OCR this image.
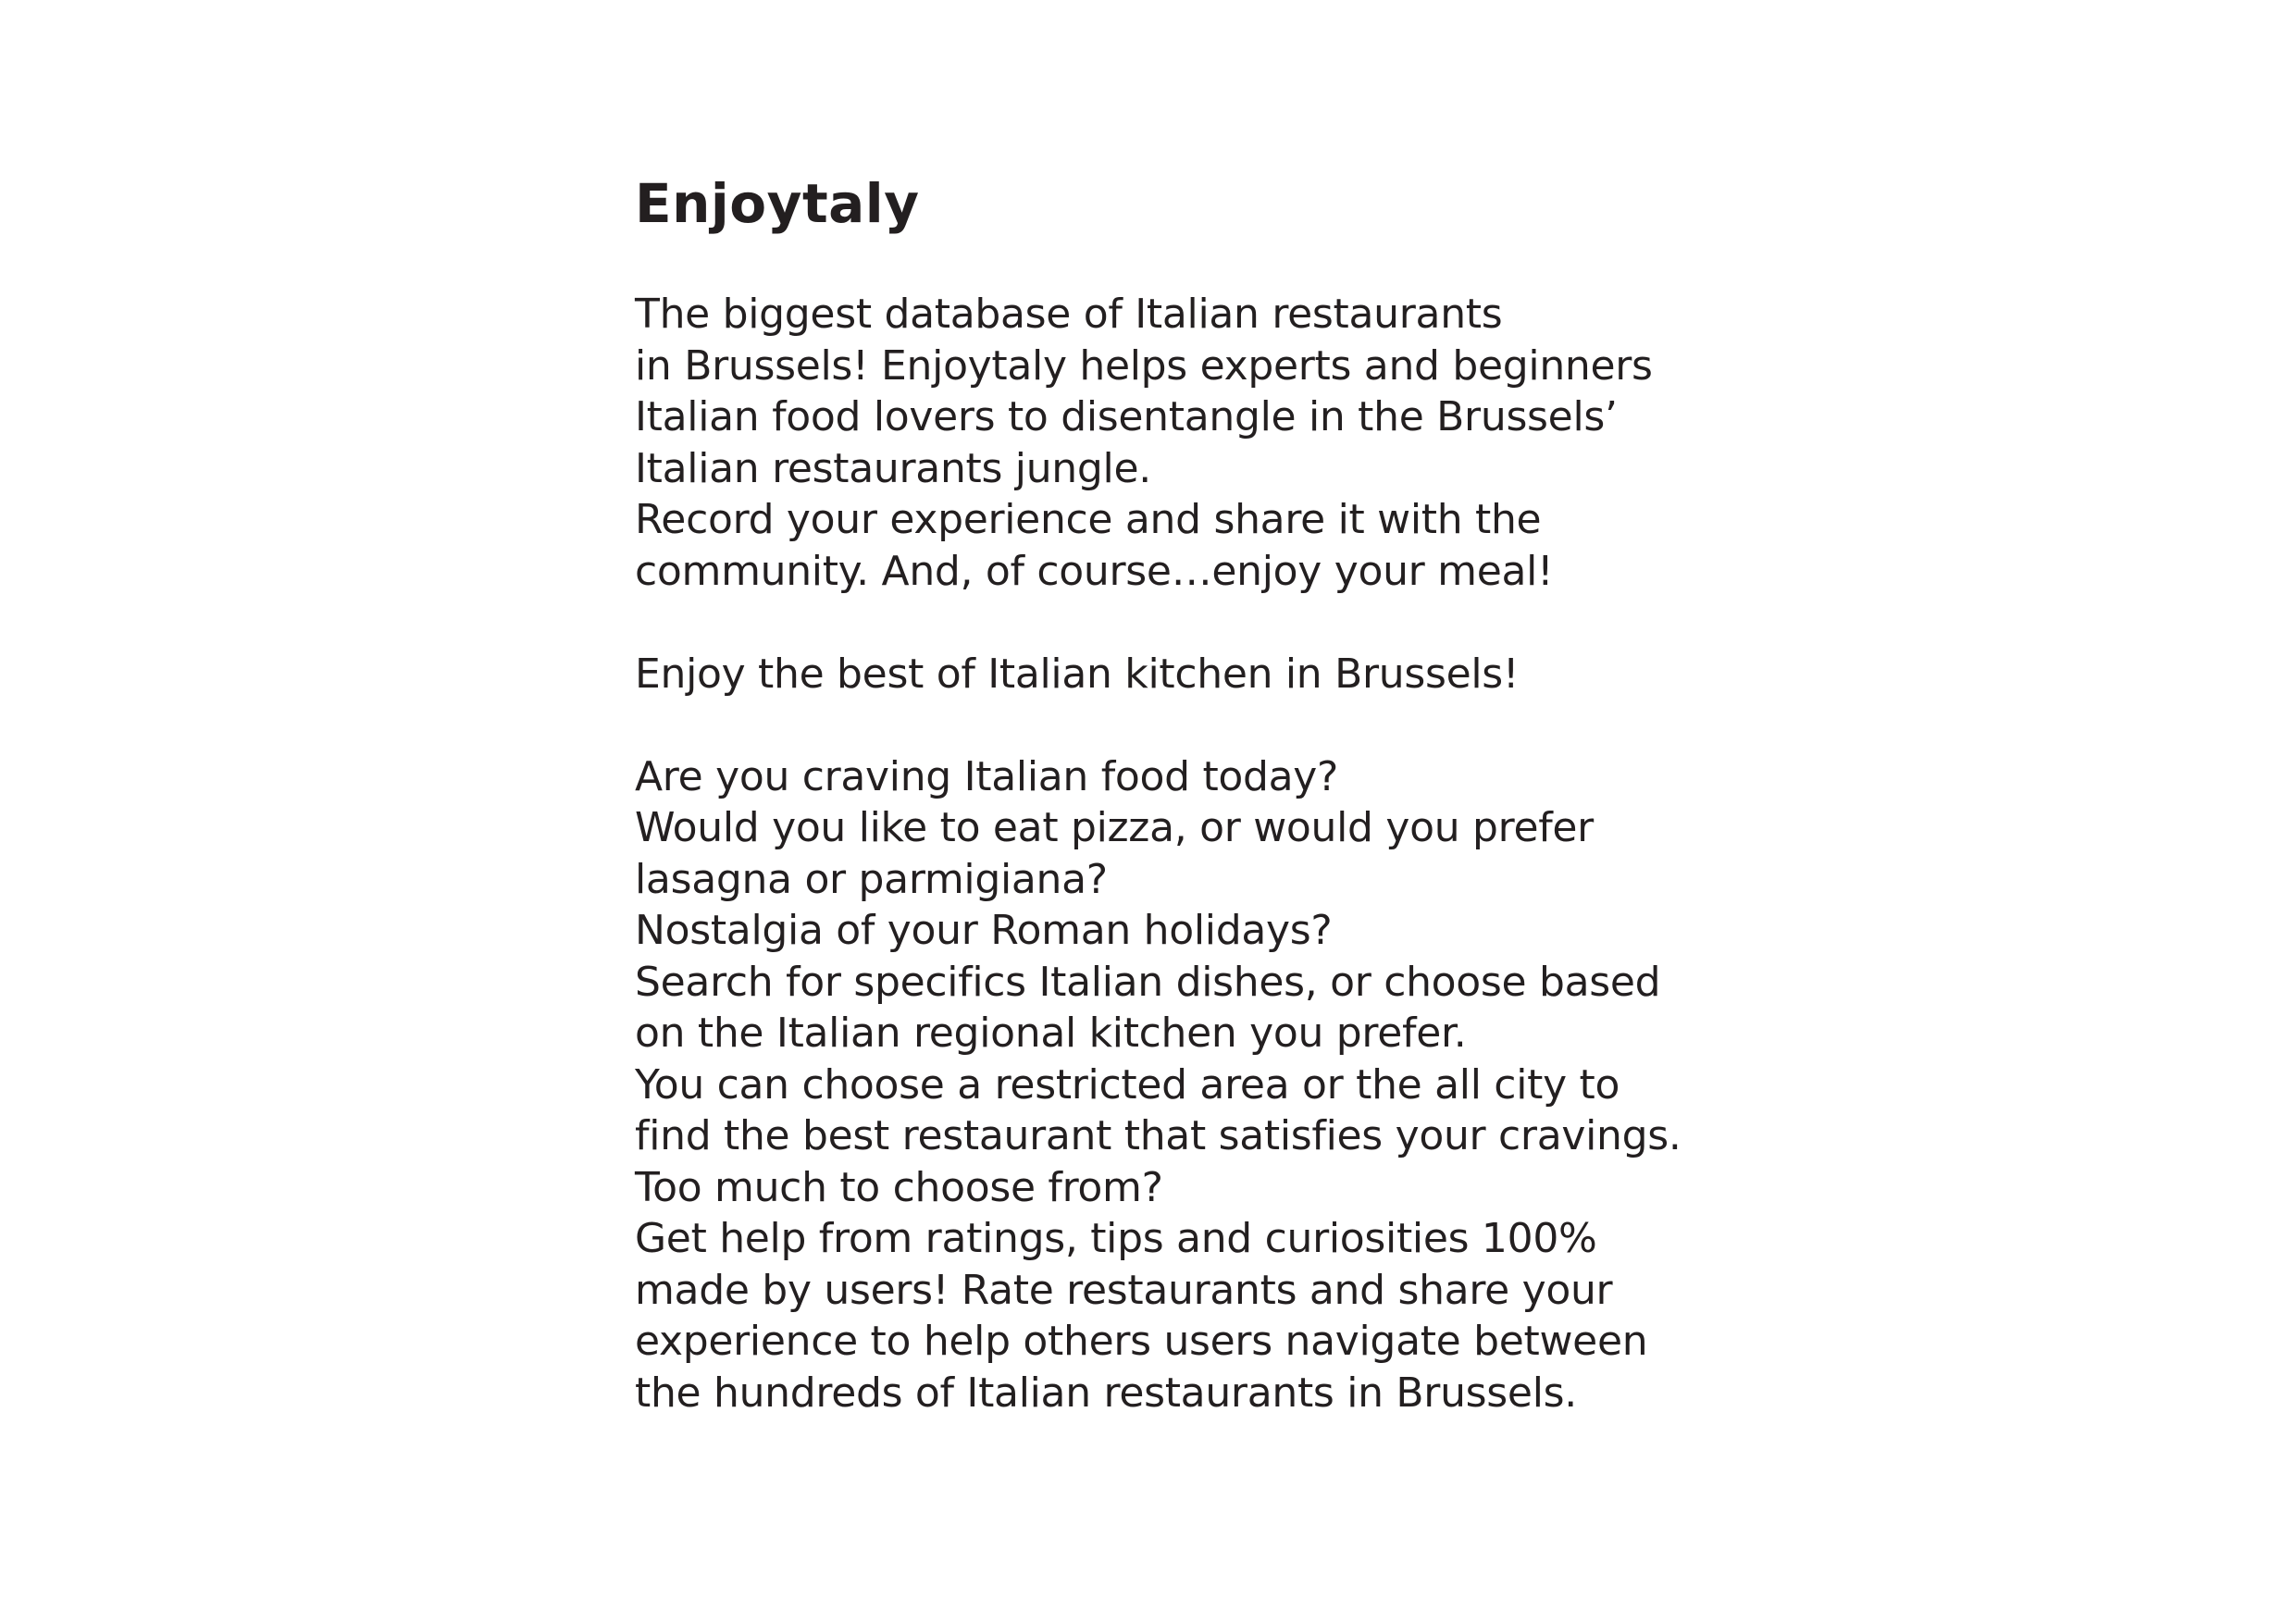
Enjoytaly
The biggest database of Italian restaurants
in Brussels! Enjoytaly helps experts and beginners
Italian food lovers to disentangle in the Brussels’
Italian restaurants jungle.
Record your experience and share it with the
community. And, of course…enjoy your meal!
Enjoy the best of Italian kitchen in Brussels!
Are you craving Italian food today?
Would you like to eat pizza, or would you prefer
lasagna or parmigiana?
Nostalgia of your Roman holidays?
Search for specifics Italian dishes, or choose based
on the Italian regional kitchen you prefer.
You can choose a restricted area or the all city to
find the best restaurant that satisfies your cravings.
Too much to choose from?
Get help from ratings, tips and curiosities 100%
made by users! Rate restaurants and share your
experience to help others users navigate between
the hundreds of Italian restaurants in Brussels.
